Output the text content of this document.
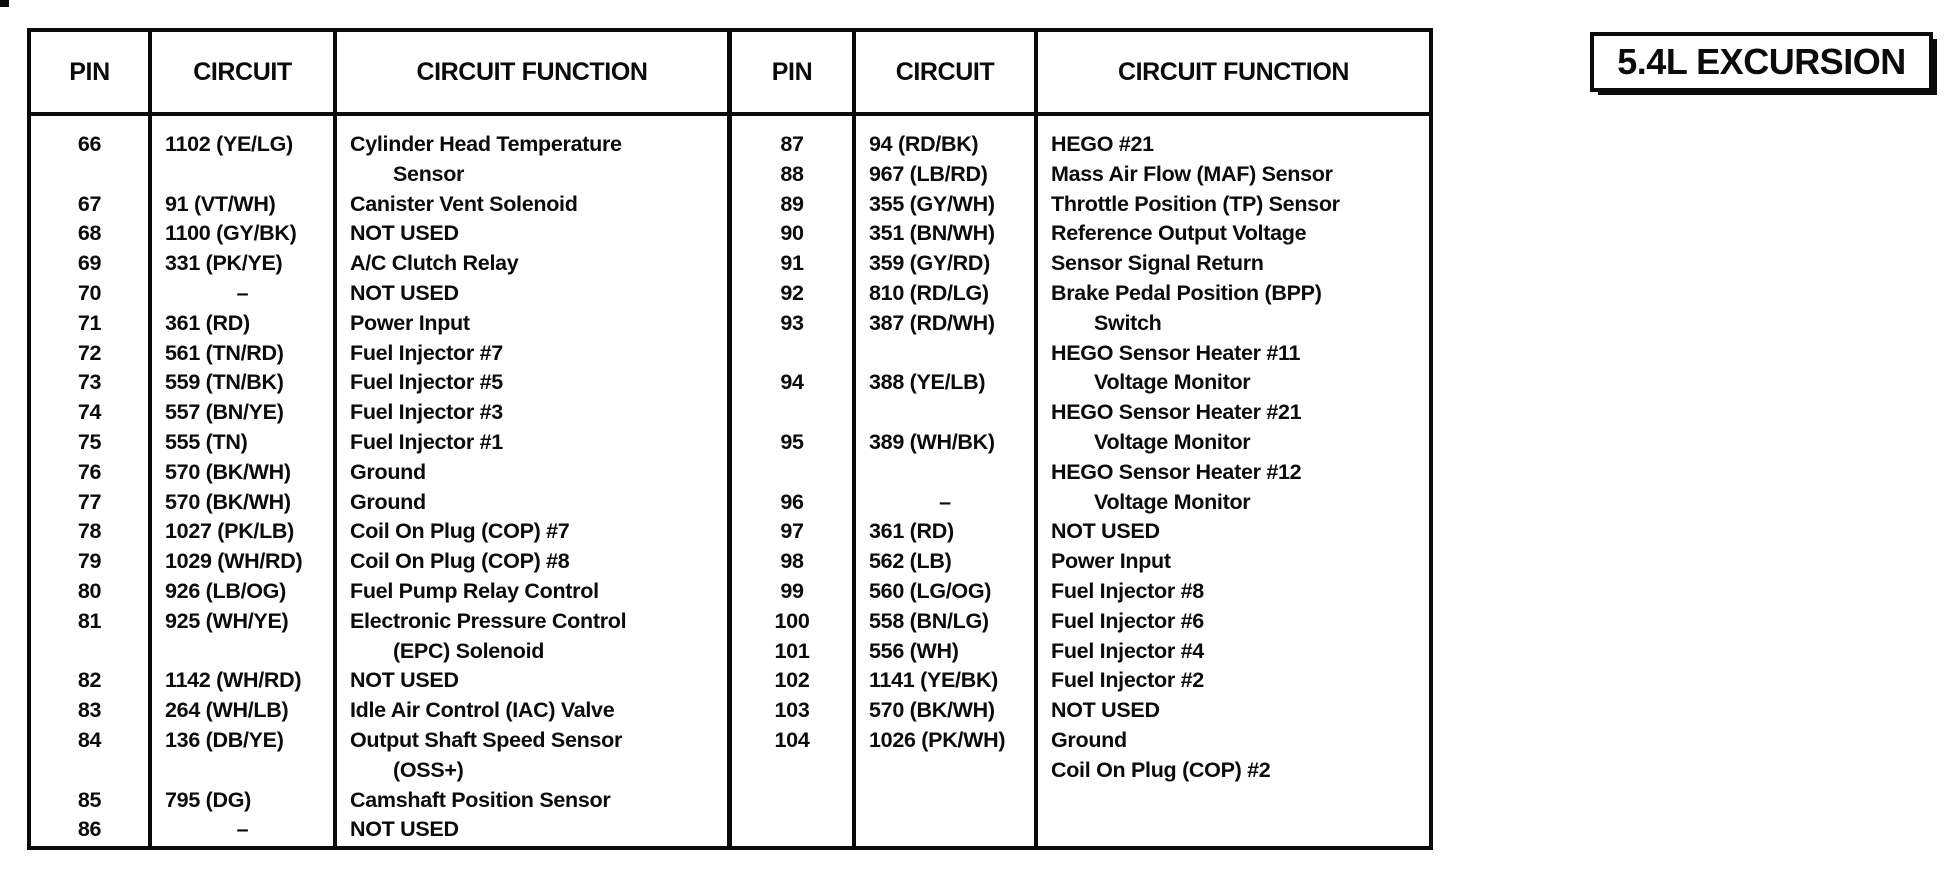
PIN
66
67
68
69
70
71
72
73
74
75
76
77
78
79
80
81
82
83
84
85
86
CIRCUIT
1102 (YE/LG)
91 (VT/WH)
1100 (GY/BK)
331 (PK/YE)
–
361 (RD)
561 (TN/RD)
559 (TN/BK)
557 (BN/YE)
555 (TN)
570 (BK/WH)
570 (BK/WH)
1027 (PK/LB)
1029 (WH/RD)
926 (LB/OG)
925 (WH/YE)
1142 (WH/RD)
264 (WH/LB)
136 (DB/YE)
795 (DG)
–
CIRCUIT FUNCTION
Cylinder Head Temperature
Sensor
Canister Vent Solenoid
NOT USED
A/C Clutch Relay
NOT USED
Power Input
Fuel Injector #7
Fuel Injector #5
Fuel Injector #3
Fuel Injector #1
Ground
Ground
Coil On Plug (COP) #7
Coil On Plug (COP) #8
Fuel Pump Relay Control
Electronic Pressure Control
(EPC) Solenoid
NOT USED
Idle Air Control (IAC) Valve
Output Shaft Speed Sensor
(OSS+)
Camshaft Position Sensor
NOT USED
PIN
87
88
89
90
91
92
93
94
95
96
97
98
99
100
101
102
103
104
CIRCUIT
94 (RD/BK)
967 (LB/RD)
355 (GY/WH)
351 (BN/WH)
359 (GY/RD)
810 (RD/LG)
387 (RD/WH)
388 (YE/LB)
389 (WH/BK)
–
361 (RD)
562 (LB)
560 (LG/OG)
558 (BN/LG)
556 (WH)
1141 (YE/BK)
570 (BK/WH)
1026 (PK/WH)
CIRCUIT FUNCTION
HEGO #21
Mass Air Flow (MAF) Sensor
Throttle Position (TP) Sensor
Reference Output Voltage
Sensor Signal Return
Brake Pedal Position (BPP)
Switch
HEGO Sensor Heater #11
Voltage Monitor
HEGO Sensor Heater #21
Voltage Monitor
HEGO Sensor Heater #12
Voltage Monitor
NOT USED
Power Input
Fuel Injector #8
Fuel Injector #6
Fuel Injector #4
Fuel Injector #2
NOT USED
Ground
Coil On Plug (COP) #2
5.4L EXCURSION
